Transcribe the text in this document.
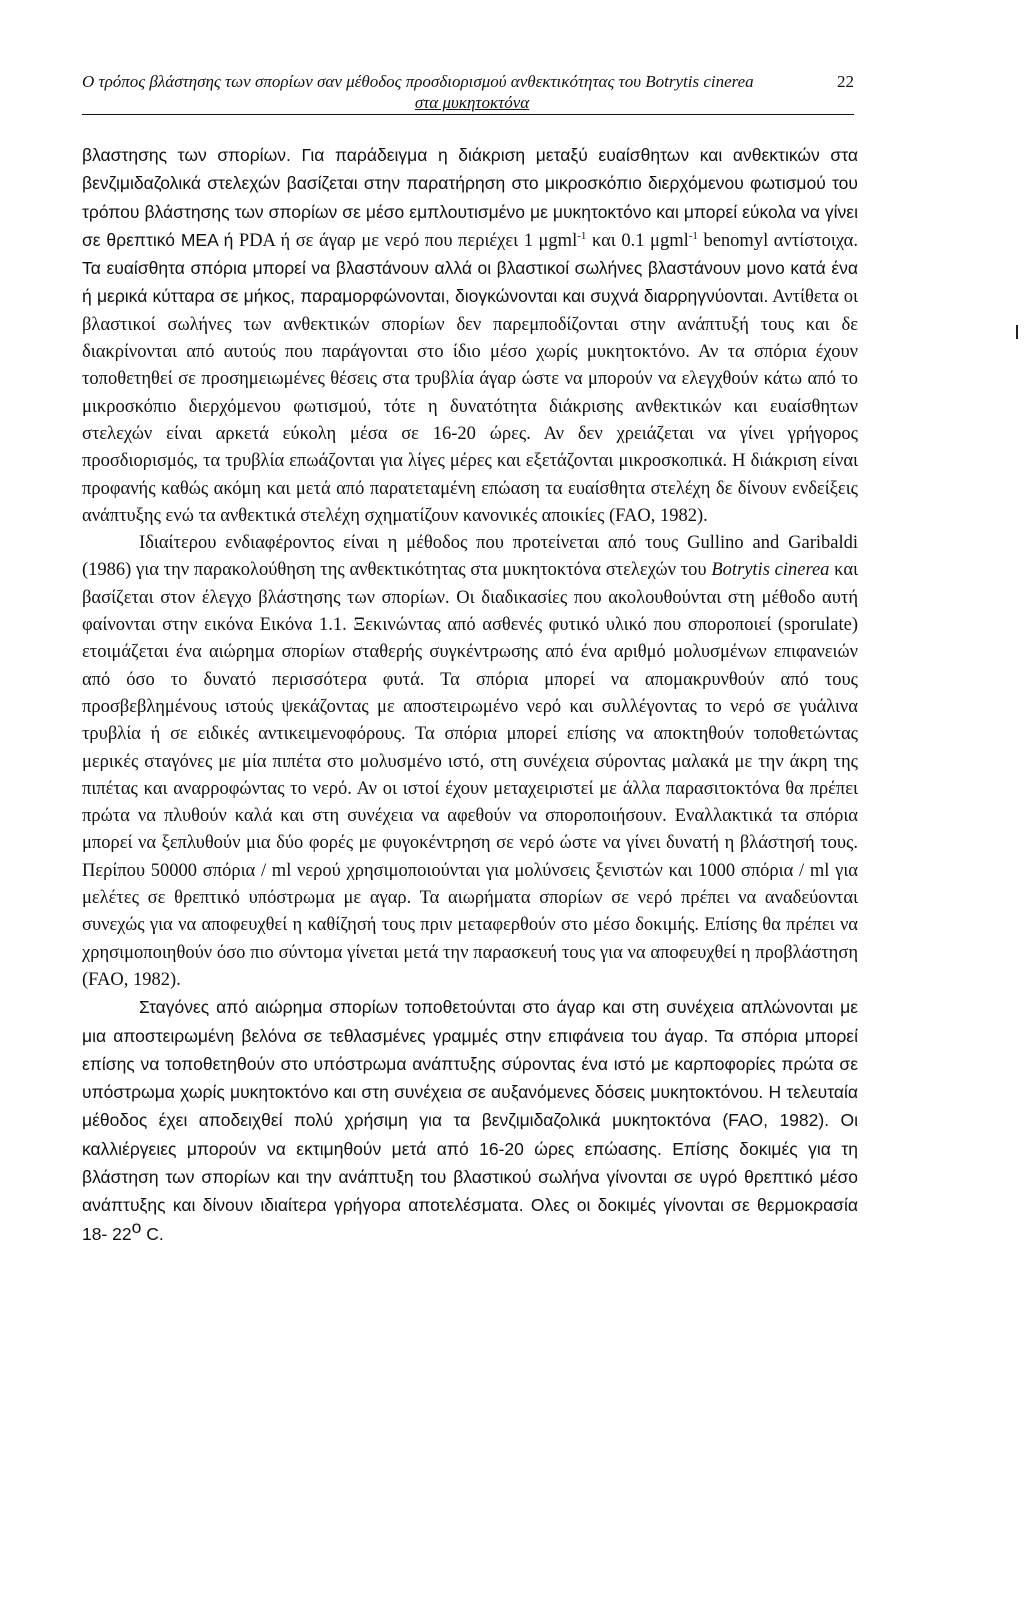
Ο τρόπος βλάστησης των σπορίων σαν μέθοδος προσδιορισμού ανθεκτικότητας του Botrytis cinerea	22
στα μυκητοκτόνα

βλαστησης των σπορίων. Για παράδειγμα η διάκριση μεταξύ ευαίσθητων και ανθεκτικών στα βενζιμιδαζολικά στελεχών βασίζεται στην παρατήρηση στο μικροσκόπιο διερχόμενου φωτισμού του τρόπου βλάστησης των σπορίων σε μέσο εμπλουτισμένο με μυκητοκτόνο και μπορεί εύκολα να γίνει σε θρεπτικό MEA ή PDA ή σε άγαρ με νερό που περιέχει 1 μgml$^{-1}$ και 0.1 μgml$^{-1}$ benomyl αντίστοιχα. Τα ευαίσθητα σπόρια μπορεί να βλαστάνουν αλλά οι βλαστικοί σωλήνες βλαστάνουν μονο κατά ένα ή μερικά κύτταρα σε μήκος, παραμορφώνονται, διογκώνονται και συχνά διαρρηγνύονται. Αντίθετα οι βλαστικοί σωλήνες των ανθεκτικών σπορίων δεν παρεμποδίζονται στην ανάπτυξή τους και δε διακρίνονται από αυτούς που παράγονται στο ίδιο μέσο χωρίς μυκητοκτόνο. Αν τα σπόρια έχουν τοποθετηθεί σε προσημειωμένες θέσεις στα τρυβλία άγαρ ώστε να μπορούν να ελεγχθούν κάτω από το μικροσκόπιο διερχόμενου φωτισμού, τότε η δυνατότητα διάκρισης ανθεκτικών και ευαίσθητων στελεχών είναι αρκετά εύκολη μέσα σε 16-20 ώρες. Αν δεν χρειάζεται να γίνει γρήγορος προσδιορισμός, τα τρυβλία επωάζονται για λίγες μέρες και εξετάζονται μικροσκοπικά. Η διάκριση είναι προφανής καθώς ακόμη και μετά από παρατεταμένη επώαση τα ευαίσθητα στελέχη δε δίνουν ενδείξεις ανάπτυξης ενώ τα ανθεκτικά στελέχη σχηματίζουν κανονικές αποικίες (FAO, 1982).

Ιδιαίτερου ενδιαφέροντος είναι η μέθοδος που προτείνεται από τους Gullino and Garibaldi (1986) για την παρακολούθηση της ανθεκτικότητας στα μυκητοκτόνα στελεχών του Botrytis cinerea και βασίζεται στον έλεγχο βλάστησης των σπορίων. Οι διαδικασίες που ακολουθούνται στη μέθοδο αυτή φαίνονται στην εικόνα Εικόνα 1.1. Ξεκινώντας από ασθενές φυτικό υλικό που σποροποιεί (sporulate) ετοιμάζεται ένα αιώρημα σπορίων σταθερής συγκέντρωσης από ένα αριθμό μολυσμένων επιφανειών από όσο το δυνατό περισσότερα φυτά. Τα σπόρια μπορεί να απομακρυνθούν από τους προσβεβλημένους ιστούς ψεκάζοντας με αποστειρωμένο νερό και συλλέγοντας το νερό σε γυάλινα τρυβλία ή σε ειδικές αντικειμενοφόρους. Τα σπόρια μπορεί επίσης να αποκτηθούν τοποθετώντας μερικές σταγόνες με μία πιπέτα στο μολυσμένο ιστό, στη συνέχεια σύροντας μαλακά με την άκρη της πιπέτας και αναρροφώντας το νερό. Αν οι ιστοί έχουν μεταχειριστεί με άλλα παρασιτοκτόνα θα πρέπει πρώτα να πλυθούν καλά και στη συνέχεια να αφεθούν να σποροποιήσουν. Εναλλακτικά τα σπόρια μπορεί να ξεπλυθούν μια δύο φορές με φυγοκέντρηση σε νερό ώστε να γίνει δυνατή η βλάστησή τους. Περίπου 50000 σπόρια / ml νερού χρησιμοποιούνται για μολύνσεις ξενιστών και 1000 σπόρια / ml για μελέτες σε θρεπτικό υπόστρωμα με αγαρ. Τα αιωρήματα σπορίων σε νερό πρέπει να αναδεύονται συνεχώς για να αποφευχθεί η καθίζησή τους πριν μεταφερθούν στο μέσο δοκιμής. Επίσης θα πρέπει να χρησιμοποιηθούν όσο πιο σύντομα γίνεται μετά την παρασκευή τους για να αποφευχθεί η προβλάστηση (FAO, 1982).

Σταγόνες από αιώρημα σπορίων τοποθετούνται στο άγαρ και στη συνέχεια απλώνονται με μια αποστειρωμένη βελόνα σε τεθλασμένες γραμμές στην επιφάνεια του άγαρ. Τα σπόρια μπορεί επίσης να τοποθετηθούν στο υπόστρωμα ανάπτυξης σύροντας ένα ιστό με καρποφορίες πρώτα σε υπόστρωμα χωρίς μυκητοκτόνο και στη συνέχεια σε αυξανόμενες δόσεις μυκητοκτόνου. Η τελευταία μέθοδος έχει αποδειχθεί πολύ χρήσιμη για τα βενζιμιδαζολικά μυκητοκτόνα (FAO, 1982). Οι καλλιέργειες μπορούν να εκτιμηθούν μετά από 16-20 ώρες επώασης. Επίσης δοκιμές για τη βλάστηση των σπορίων και την ανάπτυξη του βλαστικού σωλήνα γίνονται σε υγρό θρεπτικό μέσο ανάπτυξης και δίνουν ιδιαίτερα γρήγορα αποτελέσματα. Ολες οι δοκιμές γίνονται σε θερμοκρασία 18- 22$^o$ C.
